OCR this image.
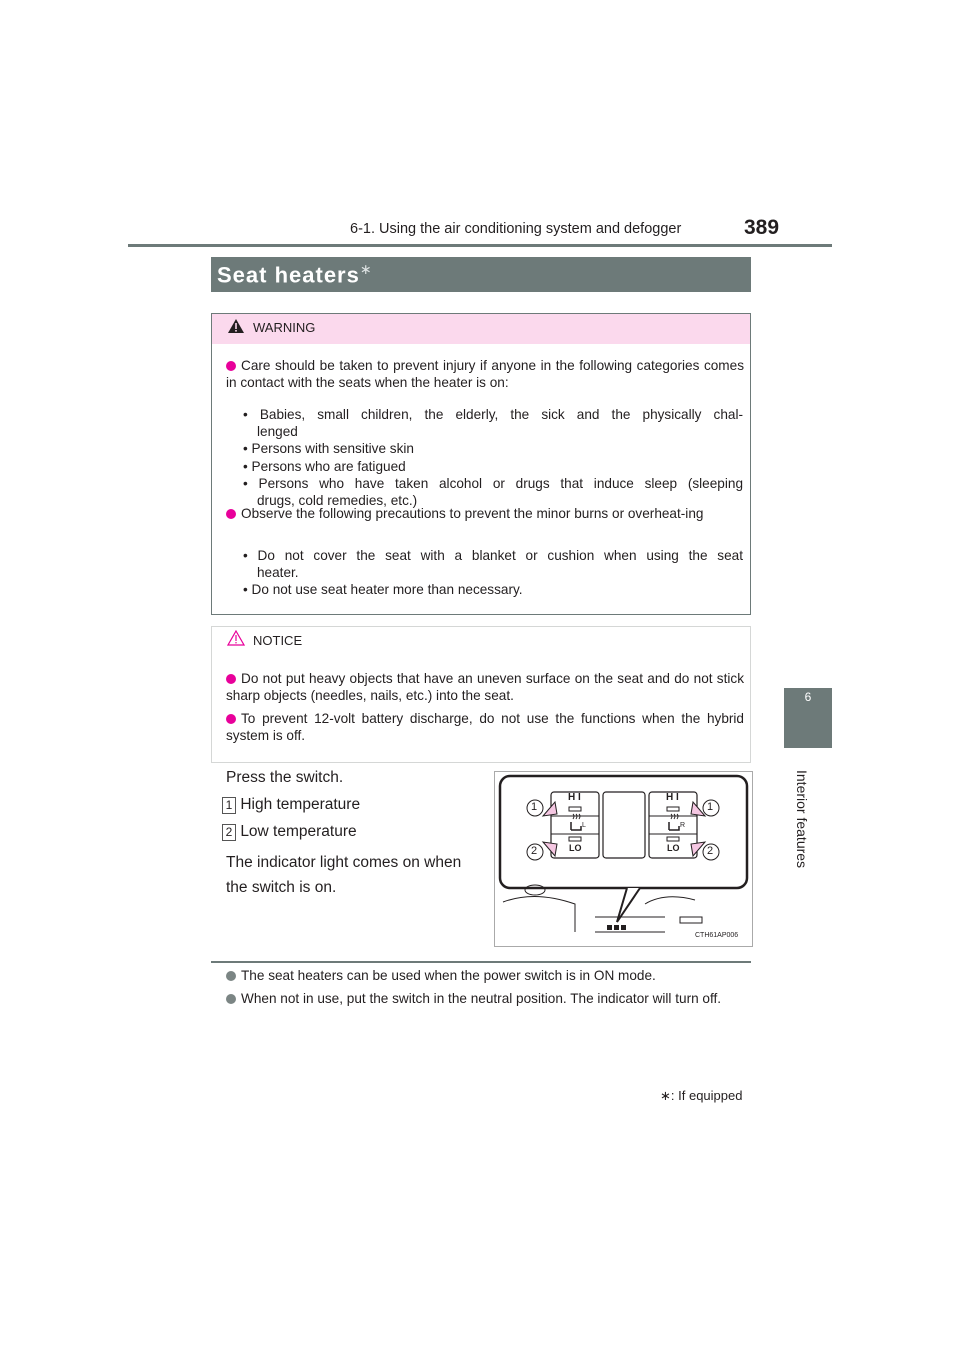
6-1. Using the air conditioning system and defogger	389
6
Interior features
Seat heaters∗
WARNING
Care should be taken to prevent injury if anyone in the following categories comes in contact with the seats when the heater is on:
• Babies, small children, the elderly, the sick and the physically chal-
lenged
• Persons with sensitive skin
• Persons who are fatigued
• Persons who have taken alcohol or drugs that induce sleep (sleeping
drugs, cold remedies, etc.)
Observe the following precautions to prevent the minor burns or overheat-ing
• Do not cover the seat with a blanket or cushion when using the seat
heater.
• Do not use seat heater more than necessary.
NOTICE
Do not put heavy objects that have an uneven surface on the seat and do not stick sharp objects (needles, nails, etc.) into the seat.
To prevent 12-volt battery discharge, do not use the functions when the hybrid system is off.
Press the switch.
1 High temperature
2 Low temperature
The indicator light comes on when
the switch is on.
H I
LO
H I
LO
L	R
1
2
1
2
CTH61AP006
The seat heaters can be used when the power switch is in ON mode.
When not in use, put the switch in the neutral position. The indicator will turn off.
∗: If equipped
